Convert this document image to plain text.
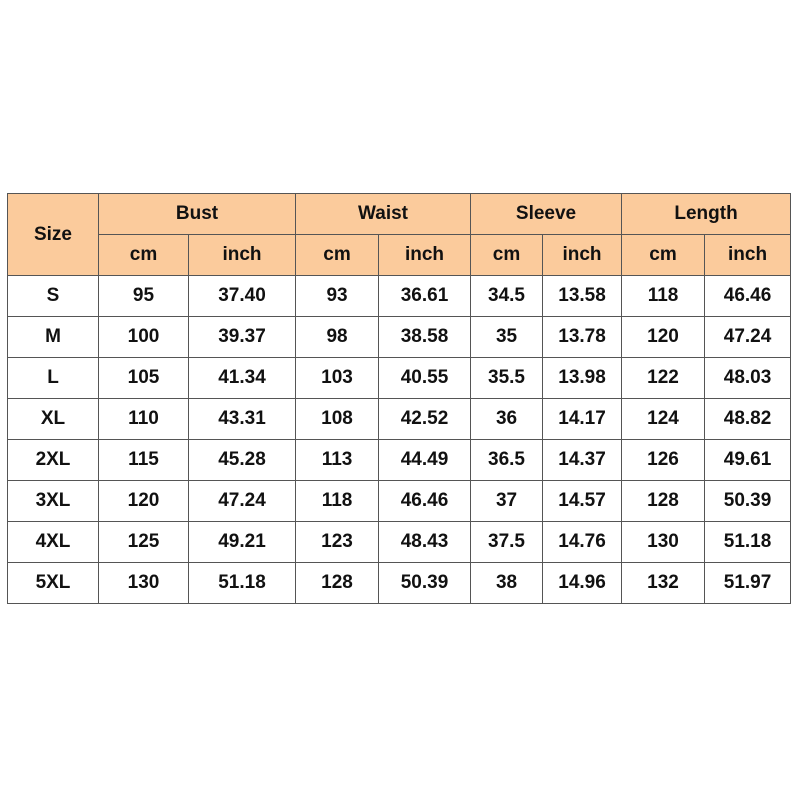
Size	Bust		Waist		Sleeve		Length	
	cm	inch	cm	inch	cm	inch	cm	inch
S	95	37.40	93	36.61	34.5	13.58	118	46.46
M	100	39.37	98	38.58	35	13.78	120	47.24
L	105	41.34	103	40.55	35.5	13.98	122	48.03
XL	110	43.31	108	42.52	36	14.17	124	48.82
2XL	115	45.28	113	44.49	36.5	14.37	126	49.61
3XL	120	47.24	118	46.46	37	14.57	128	50.39
4XL	125	49.21	123	48.43	37.5	14.76	130	51.18
5XL	130	51.18	128	50.39	38	14.96	132	51.97
